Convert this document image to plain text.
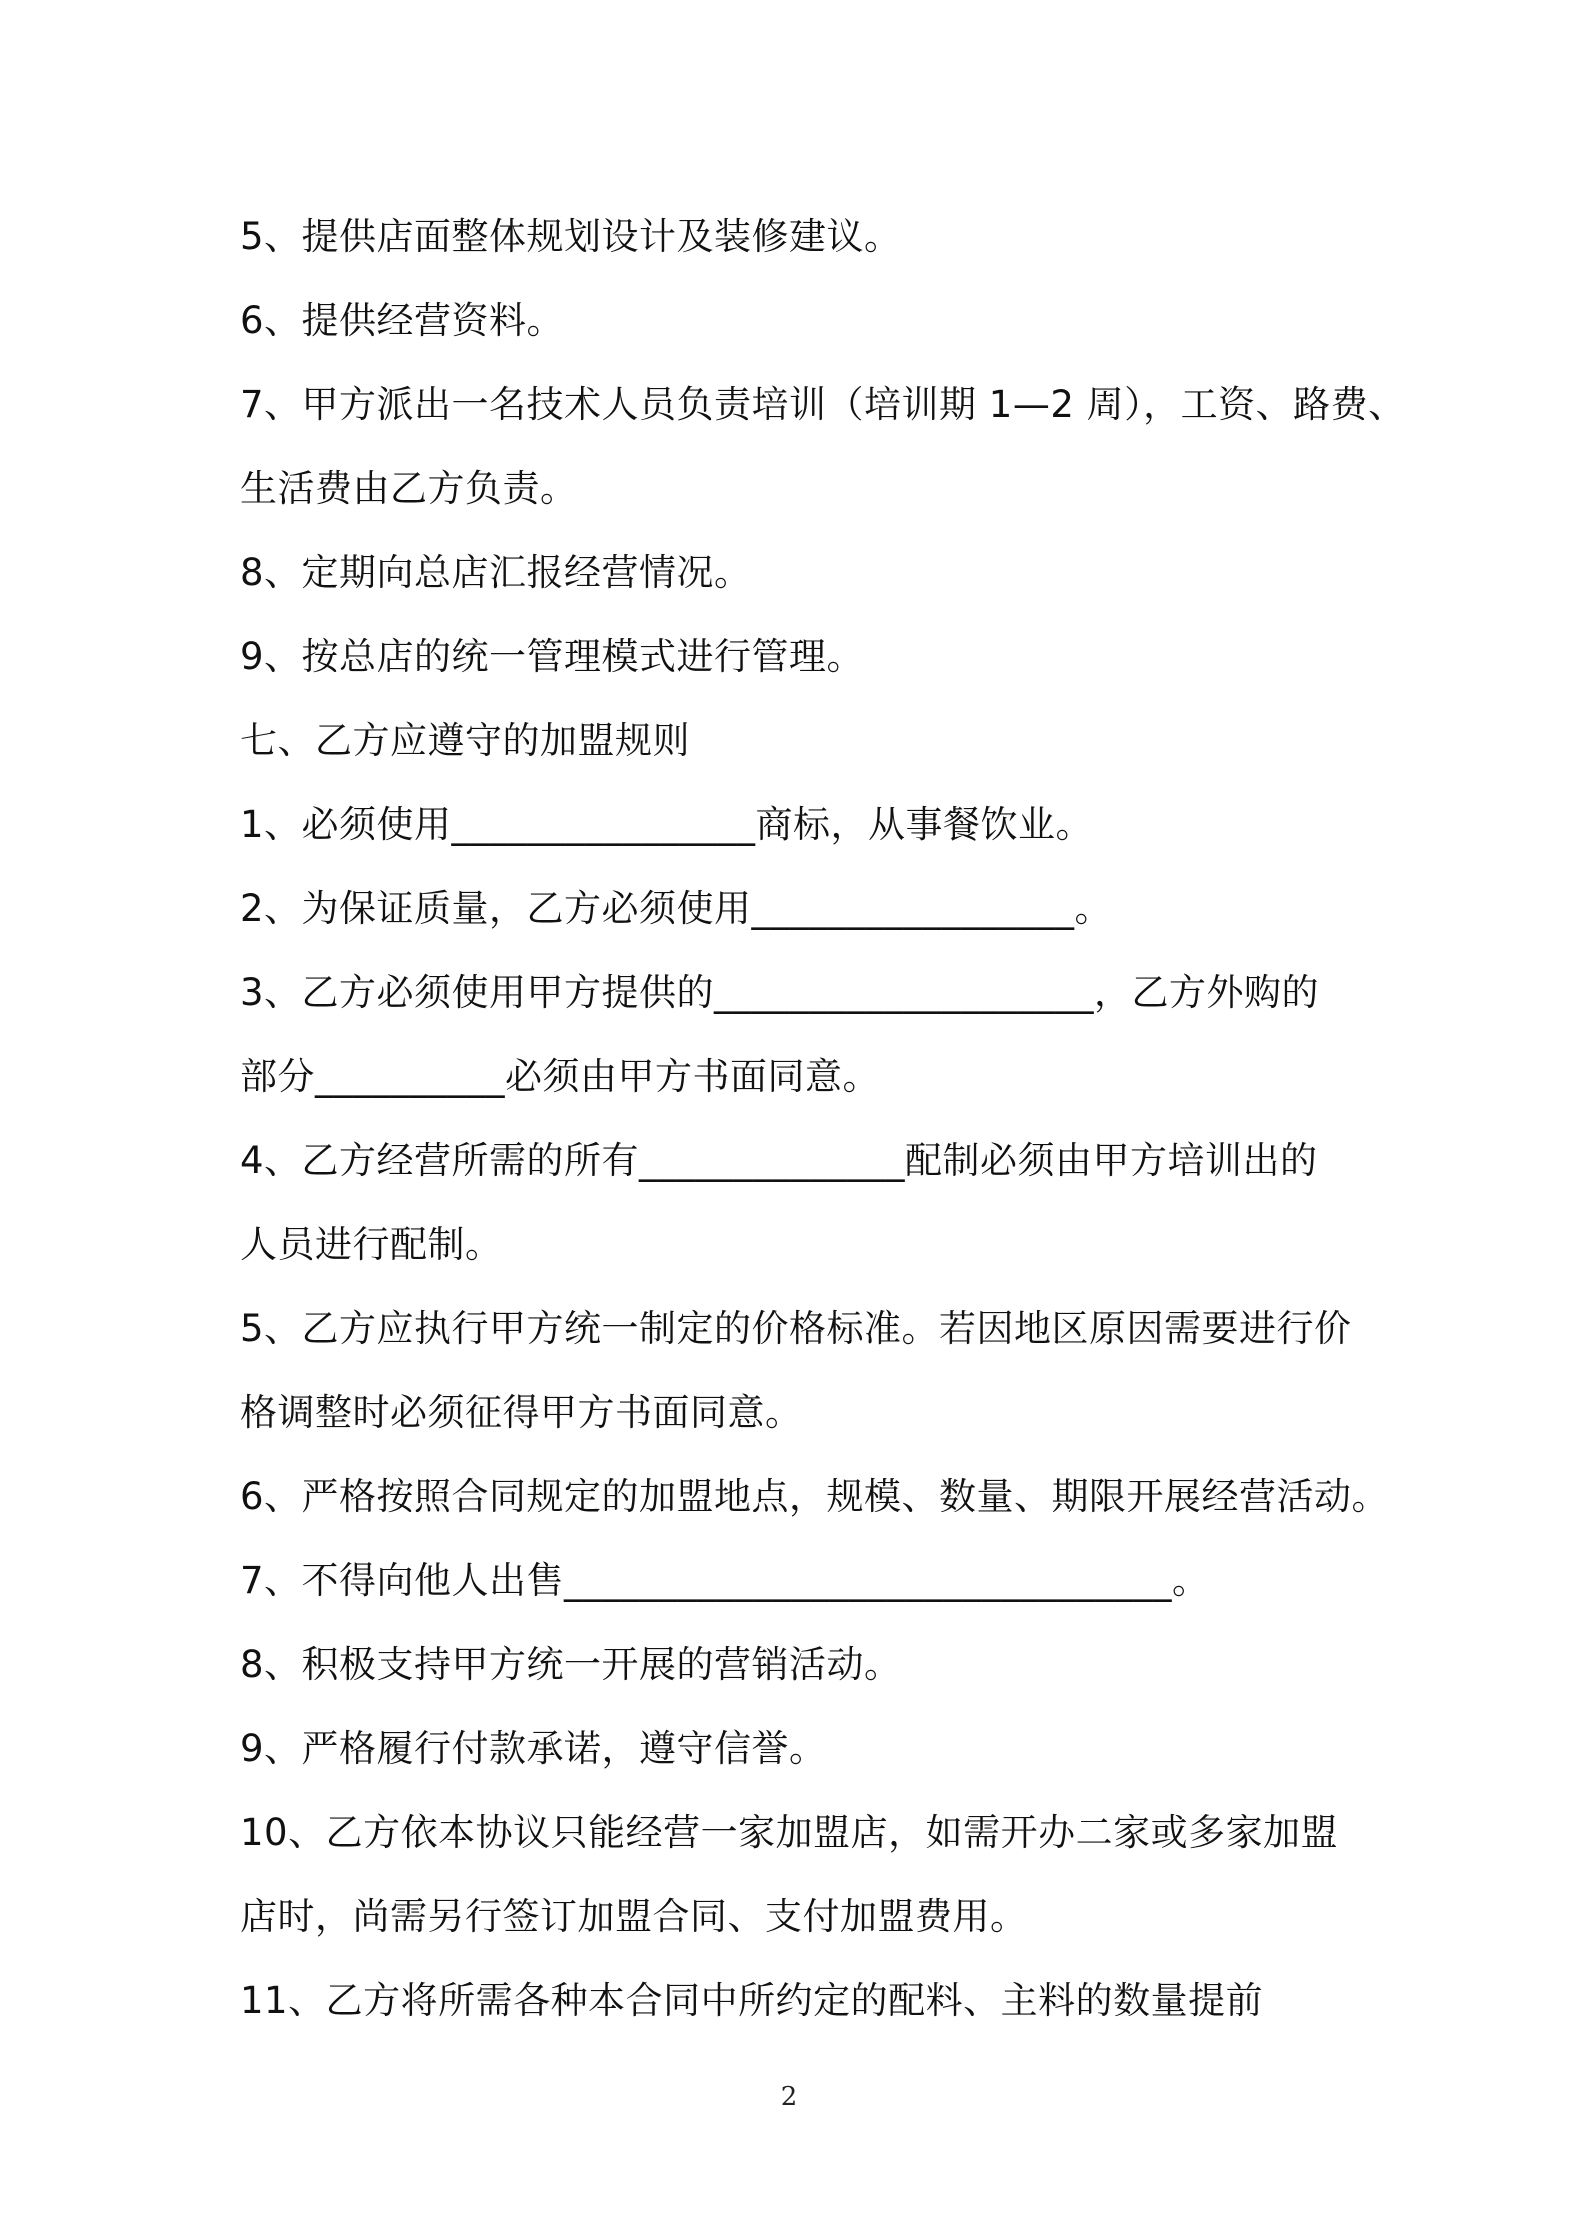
5、提供店面整体规划设计及装修建议。
6、提供经营资料。
7、甲方派出一名技术人员负责培训（培训期 1—2 周），工资、路费、
生活费由乙方负责。
8、定期向总店汇报经营情况。
9、按总店的统一管理模式进行管理。
七、乙方应遵守的加盟规则
1、必须使用________________商标，从事餐饮业。
2、为保证质量，乙方必须使用_________________。
3、乙方必须使用甲方提供的____________________，乙方外购的
部分__________必须由甲方书面同意。
4、乙方经营所需的所有______________配制必须由甲方培训出的
人员进行配制。
5、乙方应执行甲方统一制定的价格标准。若因地区原因需要进行价
格调整时必须征得甲方书面同意。
6、严格按照合同规定的加盟地点，规模、数量、期限开展经营活动。
7、不得向他人出售________________________________。
8、积极支持甲方统一开展的营销活动。
9、严格履行付款承诺，遵守信誉。
10、乙方依本协议只能经营一家加盟店，如需开办二家或多家加盟
店时，尚需另行签订加盟合同、支付加盟费用。
11、乙方将所需各种本合同中所约定的配料、主料的数量提前
2
